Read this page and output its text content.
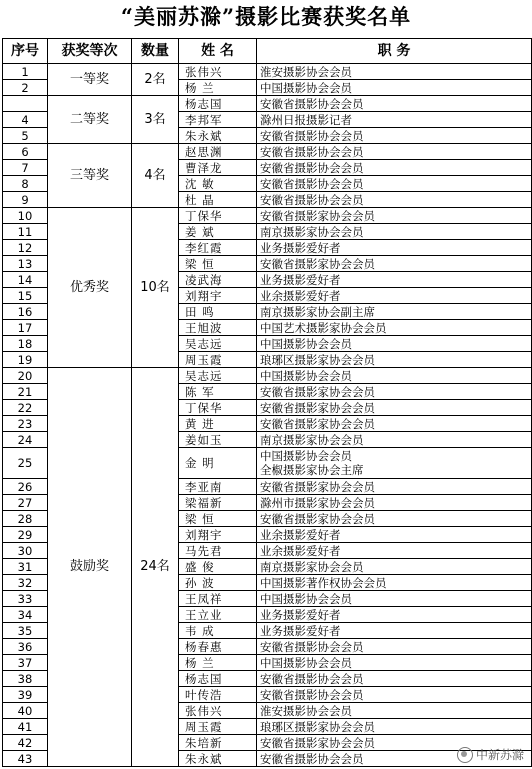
“美丽苏滁”摄影比赛获奖名单
序号	获奖等次	数量	姓 名	职 务
1	一等奖	2名	张伟兴	淮安摄影协会会员

2			杨 兰	中国摄影协会会员

	二等奖	3名	杨志国	安徽省摄影协会会员

4			李邦军	滁州日报摄影记者

5			朱永斌	安徽省摄影协会会员

6	三等奖	4名	赵思渊	安徽省摄影协会会员

7			曹泽龙	安徽省摄影协会会员

8			沈 敏	安徽省摄影协会会员

9			杜 晶	安徽省摄影协会会员

10	优秀奖	10名	丁保华	安徽省摄影家协会会员

11			姜 斌	南京摄影家协会会员

12			李红霞	业务摄影爱好者

13			梁 恒	安徽省摄影家协会会员

14			凌武海	业务摄影爱好者

15			刘翔宇	业余摄影爱好者

16			田 鸣	南京摄影家协会副主席

17			王旭波	中国艺术摄影家协会会员

18			吴志远	中国摄影协会会员

19			周玉霞	琅琊区摄影家协会会员

20	鼓励奖	24名	吴志远	中国摄影协会会员

21			陈 军	安徽省摄影家协会会员

22			丁保华	安徽省摄影家协会会员

23			黄 进	安徽省摄影家协会会员

24			姜如玉	南京摄影家协会会员

25			金 明	中国摄影协会会员
全椒摄影家协会主席

26			李亚南	安徽省摄影家协会会员

27			梁福新	滁州市摄影家协会会员

28			梁 恒	安徽省摄影家协会会员

29			刘翔宇	业余摄影爱好者

30			马先君	业余摄影爱好者

31			盛 俊	南京摄影家协会会员

32			孙 波	中国摄影著作权协会会员

33			王凤祥	中国摄影协会会员

34			王立业	业务摄影爱好者

35			韦 成	业务摄影爱好者

36			杨春惠	安徽省摄影协会会员

37			杨 兰	中国摄影协会会员

38			杨志国	安徽省摄影协会会员

39			叶传浩	安徽省摄影协会会员

40			张伟兴	淮安摄影协会会员

41			周玉霞	琅琊区摄影家协会会员

42			朱培新	安徽省摄影家协会会员

43			朱永斌	安徽省摄影协会会员	中新苏滁
